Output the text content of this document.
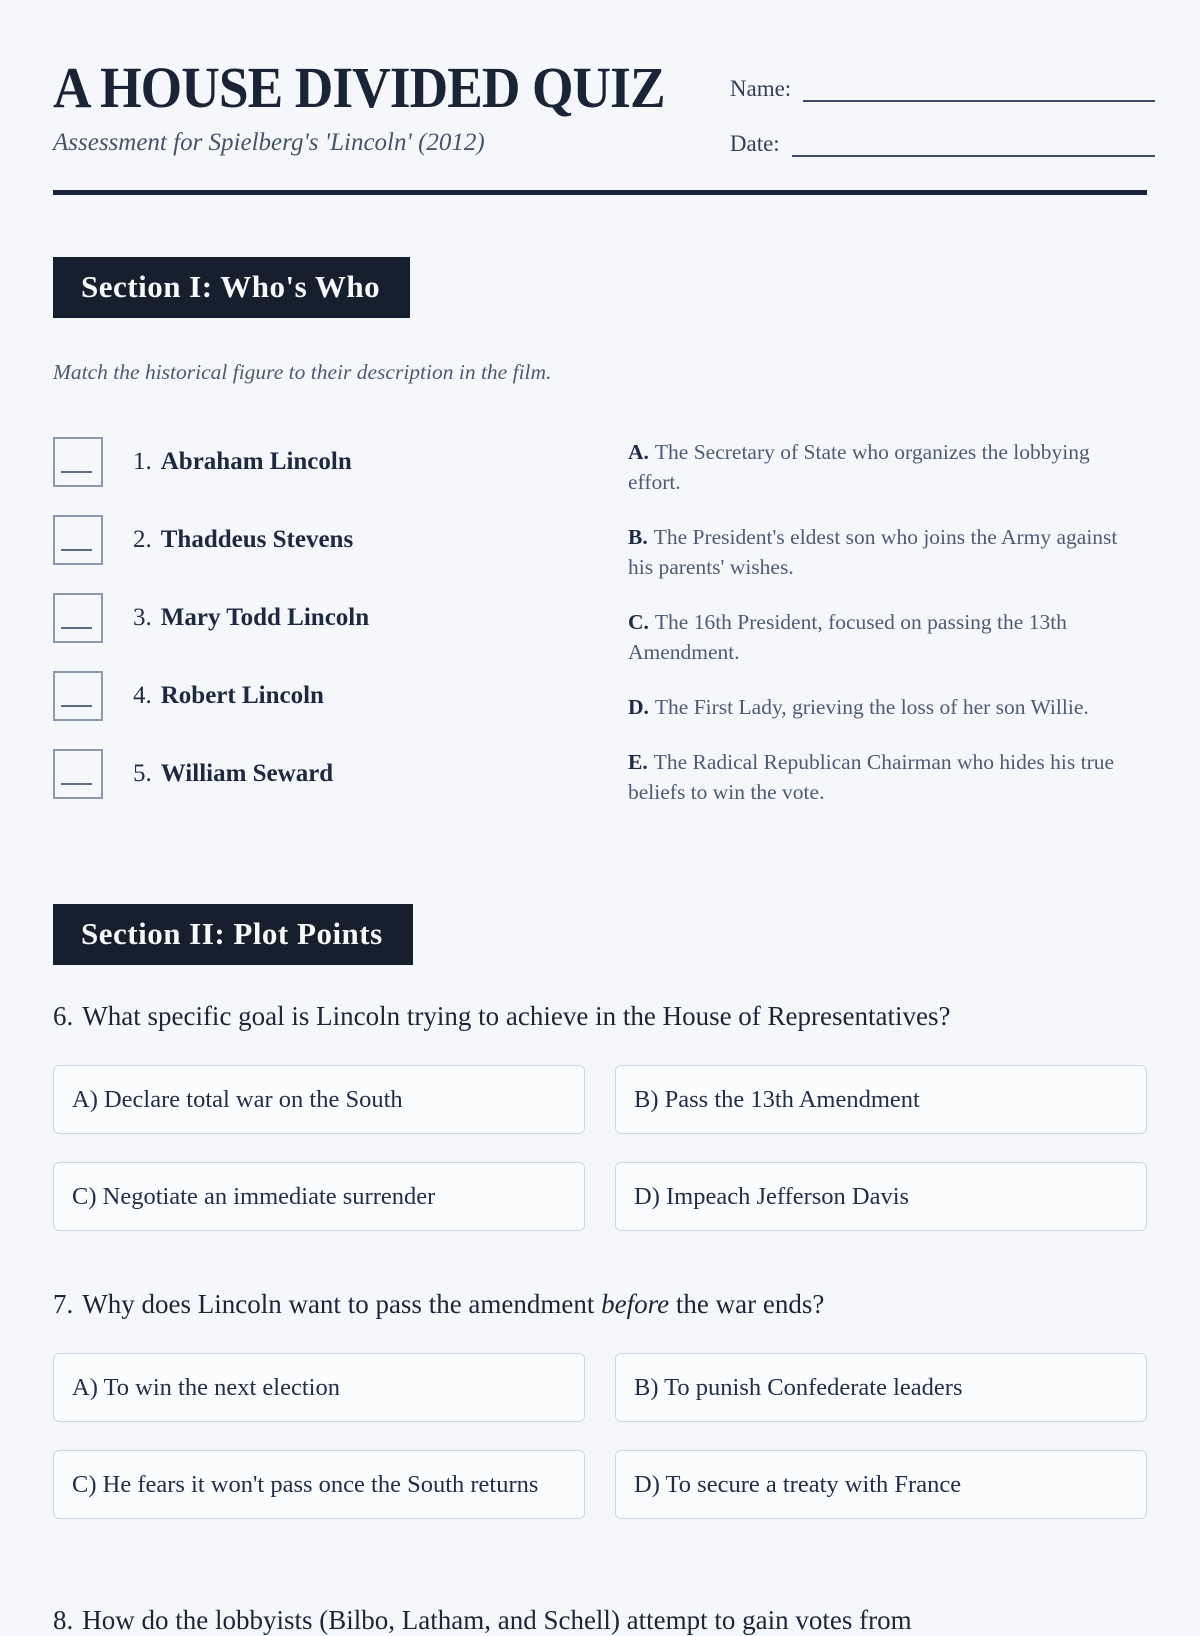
A HOUSE DIVIDED QUIZ
Assessment for Spielberg's 'Lincoln' (2012)
Name:
Date:
Section I: Who's Who
Match the historical figure to their description in the film.
1. Abraham Lincoln
2. Thaddeus Stevens
3. Mary Todd Lincoln
4. Robert Lincoln
5. William Seward
A. The Secretary of State who organizes the lobbying effort.
B. The President's eldest son who joins the Army against his parents' wishes.
C. The 16th President, focused on passing the 13th Amendment.
D. The First Lady, grieving the loss of her son Willie.
E. The Radical Republican Chairman who hides his true beliefs to win the vote.
Section II: Plot Points
6. What specific goal is Lincoln trying to achieve in the House of Representatives?
A) Declare total war on the South	B) Pass the 13th Amendment
C) Negotiate an immediate surrender	D) Impeach Jefferson Davis
7. Why does Lincoln want to pass the amendment before the war ends?
A) To win the next election	B) To punish Confederate leaders
C) He fears it won't pass once the South returns	D) To secure a treaty with France
8. How do the lobbyists (Bilbo, Latham, and Schell) attempt to gain votes from
